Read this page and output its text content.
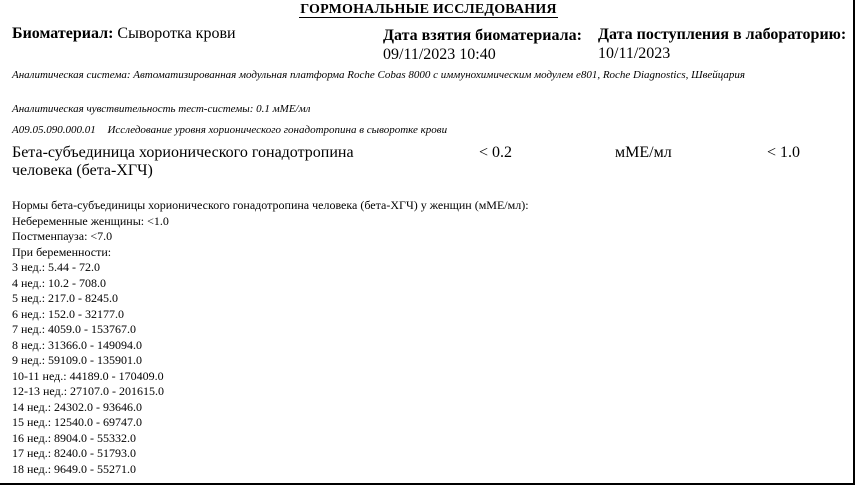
ГОРМОНАЛЬНЫЕ ИССЛЕДОВАНИЯ
Биоматериал: Сыворотка крови	Дата взятия биоматериала:
09/11/2023 10:40
Дата поступления в лабораторию:
10/11/2023
Аналитическая система: Автоматизированная модульная платформа Roche Cobas 8000 с иммунохимическим модулем e801, Roche Diagnostics, Швейцария
Аналитическая чувствительность тест-системы: 0.1 мМЕ/мл
A09.05.090.000.01 Исследование уровня хорионического гонадотропина в сыворотке крови
Бета-субъединица хорионического гонадотропина человека (бета-ХГЧ)
< 0.2	мМЕ/мл	< 1.0
Нормы бета-субъединицы хорионического гонадотропина человека (бета-ХГЧ) у женщин (мМЕ/мл):
Небеременные женщины: <1.0
Постменпауза: <7.0
При беременности:
3 нед.: 5.44 - 72.0
4 нед.: 10.2 - 708.0
5 нед.: 217.0 - 8245.0
6 нед.: 152.0 - 32177.0
7 нед.: 4059.0 - 153767.0
8 нед.: 31366.0 - 149094.0
9 нед.: 59109.0 - 135901.0
10-11 нед.: 44189.0 - 170409.0
12-13 нед.: 27107.0 - 201615.0
14 нед.: 24302.0 - 93646.0
15 нед.: 12540.0 - 69747.0
16 нед.: 8904.0 - 55332.0
17 нед.: 8240.0 - 51793.0
18 нед.: 9649.0 - 55271.0
